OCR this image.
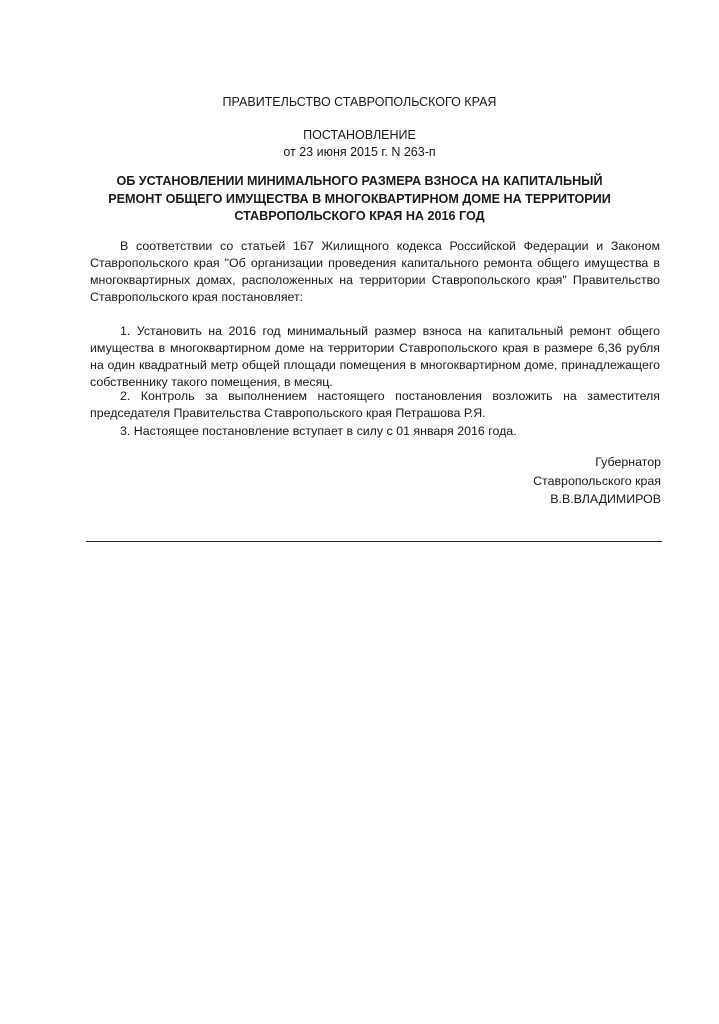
ПРАВИТЕЛЬСТВО СТАВРОПОЛЬСКОГО КРАЯ
ПОСТАНОВЛЕНИЕ
от 23 июня 2015 г. N 263-п
ОБ УСТАНОВЛЕНИИ МИНИМАЛЬНОГО РАЗМЕРА ВЗНОСА НА КАПИТАЛЬНЫЙ
РЕМОНТ ОБЩЕГО ИМУЩЕСТВА В МНОГОКВАРТИРНОМ ДОМЕ НА ТЕРРИТОРИИ
СТАВРОПОЛЬСКОГО КРАЯ НА 2016 ГОД
В соответствии со статьей 167 Жилищного кодекса Российской Федерации и Законом Ставропольского края "Об организации проведения капитального ремонта общего имущества в многоквартирных домах, расположенных на территории Ставропольского края" Правительство Ставропольского края постановляет:
1. Установить на 2016 год минимальный размер взноса на капитальный ремонт общего имущества в многоквартирном доме на территории Ставропольского края в размере 6,36 рубля на один квадратный метр общей площади помещения в многоквартирном доме, принадлежащего собственнику такого помещения, в месяц.
2. Контроль за выполнением настоящего постановления возложить на заместителя председателя Правительства Ставропольского края Петрашова Р.Я.
3. Настоящее постановление вступает в силу с 01 января 2016 года.
Губернатор
Ставропольского края
В.В.ВЛАДИМИРОВ
